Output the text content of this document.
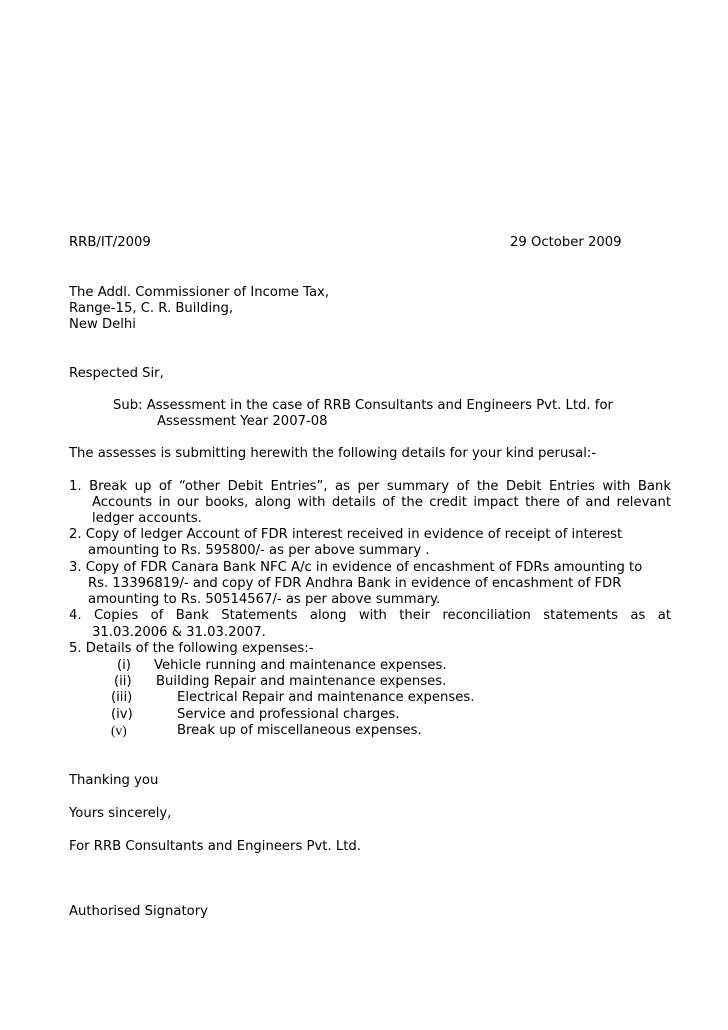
RRB/IT/2009	29 October 2009
The Addl. Commissioner of Income Tax,
Range-15, C. R. Building,
New Delhi
Respected Sir,
Sub: Assessment in the case of RRB Consultants and Engineers Pvt. Ltd. for
Assessment Year 2007-08
The assesses is submitting herewith the following details for your kind perusal:-
1. Break up of “other Debit Entries”, as per summary of the Debit Entries with Bank
Accounts in our books, along with details of the credit impact there of and relevant
ledger accounts.
2. Copy of ledger Account of FDR interest received in evidence of receipt of interest
amounting to Rs. 595800/- as per above summary .
3. Copy of FDR Canara Bank NFC A/c in evidence of encashment of FDRs amounting to
Rs. 13396819/- and copy of FDR Andhra Bank in evidence of encashment of FDR
amounting to Rs. 50514567/- as per above summary.
4. Copies of Bank Statements along with their reconciliation statements as at
31.03.2006 & 31.03.2007.
5. Details of the following expenses:-
(i) Vehicle running and maintenance expenses.
(ii) Building Repair and maintenance expenses.
(iii)	Electrical Repair and maintenance expenses.
(iv)	Service and professional charges.
(v)	Break up of miscellaneous expenses.
Thanking you
Yours sincerely,
For RRB Consultants and Engineers Pvt. Ltd.
Authorised Signatory
